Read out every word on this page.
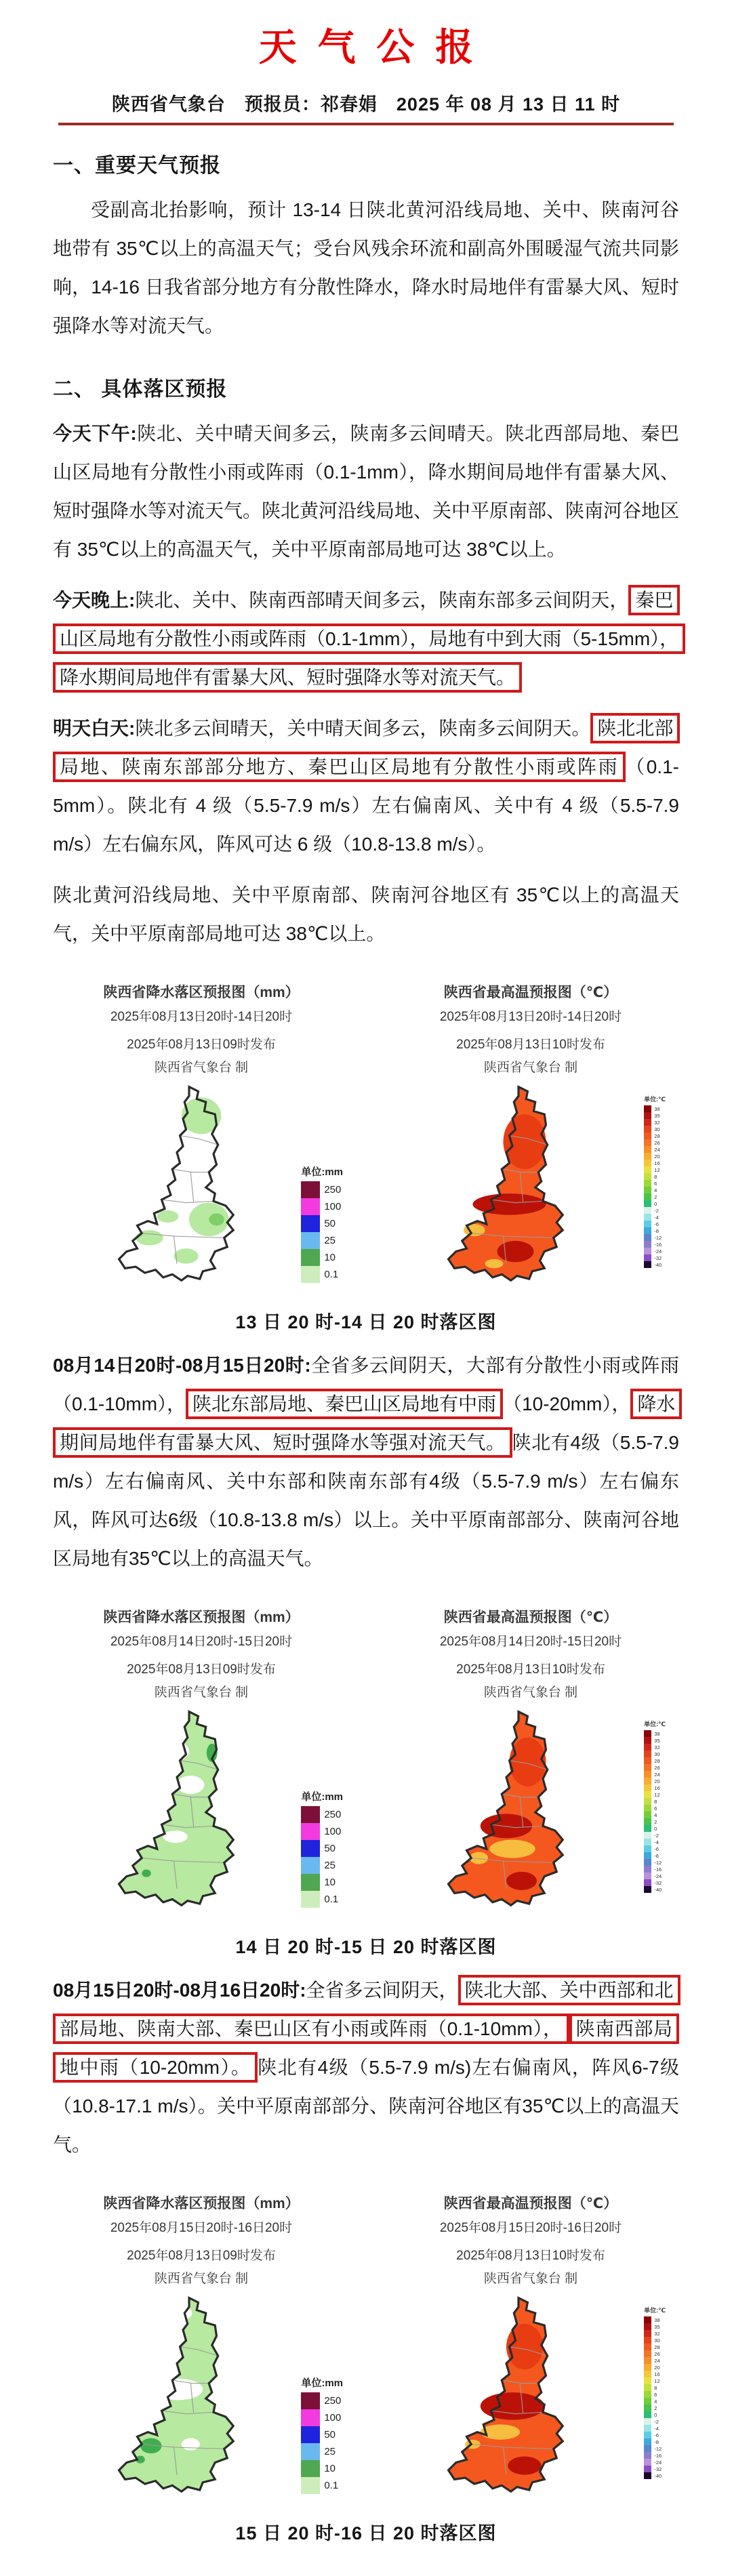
天气公报
陕西省气象台　预报员：祁春娟　2025 年 08 月 13 日 11 时
一、重要天气预报

受副高北抬影响，预计 13-14 日陕北黄河沿线局地、关中、陕南河谷地带有 35℃以上的高温天气；受台风残余环流和副高外围暖湿气流共同影响，14-16 日我省部分地方有分散性降水，降水时局地伴有雷暴大风、短时强降水等对流天气。

二、 具体落区预报

今天下午:陕北、关中晴天间多云，陕南多云间晴天。陕北西部局地、秦巴山区局地有分散性小雨或阵雨（0.1-1mm），降水期间局地伴有雷暴大风、短时强降水等对流天气。陕北黄河沿线局地、关中平原南部、陕南河谷地区有 35℃以上的高温天气，关中平原南部局地可达 38℃以上。

今天晚上:陕北、关中、陕南西部晴天间多云，陕南东部多云间阴天， 秦巴山区局地有分散性小雨或阵雨（0.1-1mm），局地有中到大雨（5-15mm），降水期间局地伴有雷暴大风、短时强降水等对流天气。

明天白天:陕北多云间晴天，关中晴天间多云，陕南多云间阴天。 陕北北部局地、陕南东部部分地方、秦巴山区局地有分散性小雨或阵雨 （0.1-5mm）。陕北有 4 级（5.5-7.9 m/s）左右偏南风、关中有 4 级（5.5-7.9 m/s）左右偏东风，阵风可达 6 级（10.8-13.8 m/s）。

陕北黄河沿线局地、关中平原南部、陕南河谷地区有 35℃以上的高温天气，关中平原南部局地可达 38℃以上。

陕西省降水落区预报图（mm）
2025年08月13日20时-14日20时
2025年08月13日09时发布
陕西省气象台 制
单位:mm
250
100
50
25
10
0.1
陕西省最高温预报图（℃）
2025年08月13日20时-14日20时
2025年08月13日10时发布
陕西省气象台 制
单位:℃
38
35
32
30
28
26
24
20
16
12
8
6
4
2
0
-2
-4
-6
-8
-12
-16
-24
-32
-40
13 日 20 时-14 日 20 时落区图

08月14日20时-08月15日20时:全省多云间阴天，大部有分散性小雨或阵雨（0.1-10mm）， 陕北东部局地、秦巴山区局地有中雨 （10-20mm）， 降水期间局地伴有雷暴大风、短时强降水等强对流天气。 陕北有4级（5.5-7.9 m/s）左右偏南风、关中东部和陕南东部有4级（5.5-7.9 m/s）左右偏东风，阵风可达6级（10.8-13.8 m/s）以上。关中平原南部部分、陕南河谷地区局地有35℃以上的高温天气。

陕西省降水落区预报图（mm）
2025年08月14日20时-15日20时
2025年08月13日09时发布
陕西省气象台 制
单位:mm
250
100
50
25
10
0.1
陕西省最高温预报图（℃）
2025年08月14日20时-15日20时
2025年08月13日10时发布
陕西省气象台 制
单位:℃
38
35
32
30
28
26
24
20
16
12
8
6
4
2
0
-2
-4
-6
-8
-12
-16
-24
-32
-40
14 日 20 时-15 日 20 时落区图

08月15日20时-08月16日20时:全省多云间阴天， 陕北大部、关中西部和北部局地、陕南大部、秦巴山区有小雨或阵雨（0.1-10mm）， 陕南西部局地中雨（10-20mm）。 陕北有4级（5.5-7.9 m/s)左右偏南风，阵风6-7级（10.8-17.1 m/s）。关中平原南部部分、陕南河谷地区有35℃以上的高温天气。

陕西省降水落区预报图（mm）
2025年08月15日20时-16日20时
2025年08月13日09时发布
陕西省气象台 制
单位:mm
250
100
50
25
10
0.1
陕西省最高温预报图（℃）
2025年08月15日20时-16日20时
2025年08月13日10时发布
陕西省气象台 制
单位:℃
38
35
32
30
28
26
24
20
16
12
8
6
4
2
0
-2
-4
-6
-8
-12
-16
-24
-32
-40
15 日 20 时-16 日 20 时落区图
